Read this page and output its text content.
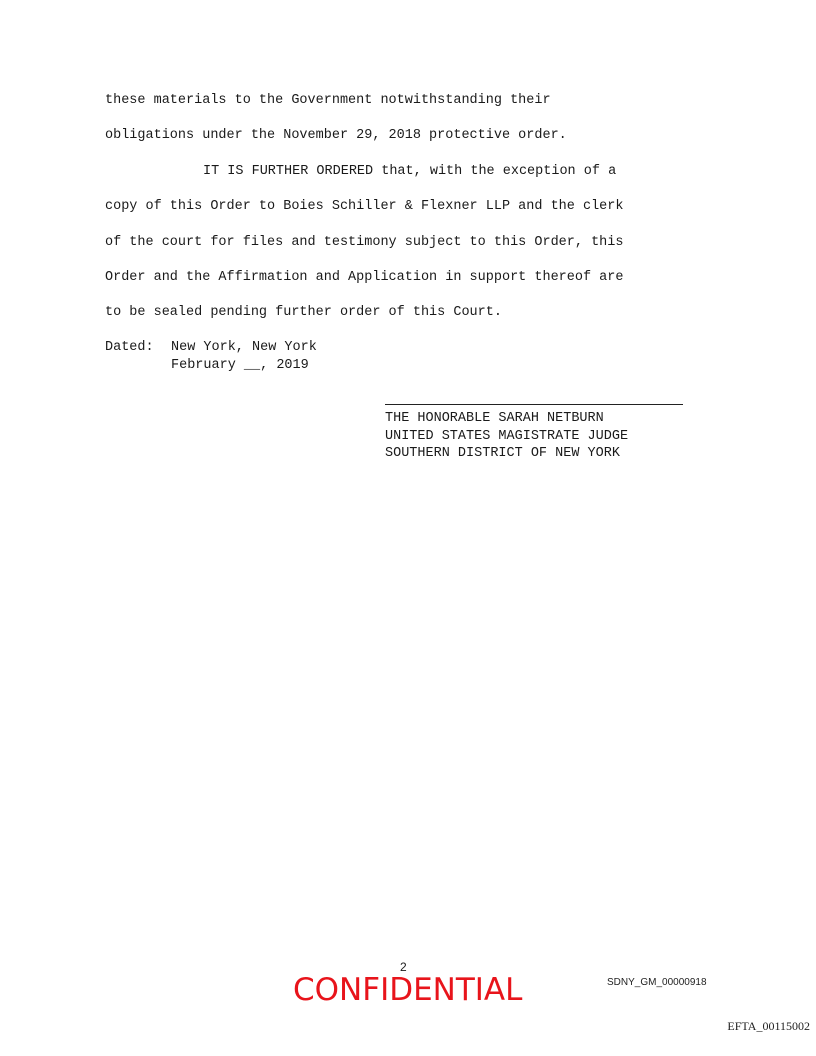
these materials to the Government notwithstanding their
obligations under the November 29, 2018 protective order.
IT IS FURTHER ORDERED that, with the exception of a
copy of this Order to Boies Schiller & Flexner LLP and the clerk
of the court for files and testimony subject to this Order, this
Order and the Affirmation and Application in support thereof are
to be sealed pending further order of this Court.
Dated: New York, New York
February __, 2019
THE HONORABLE SARAH NETBURN
UNITED STATES MAGISTRATE JUDGE
SOUTHERN DISTRICT OF NEW YORK
2
CONFIDENTIAL	SDNY_GM_00000918
EFTA_00115002
